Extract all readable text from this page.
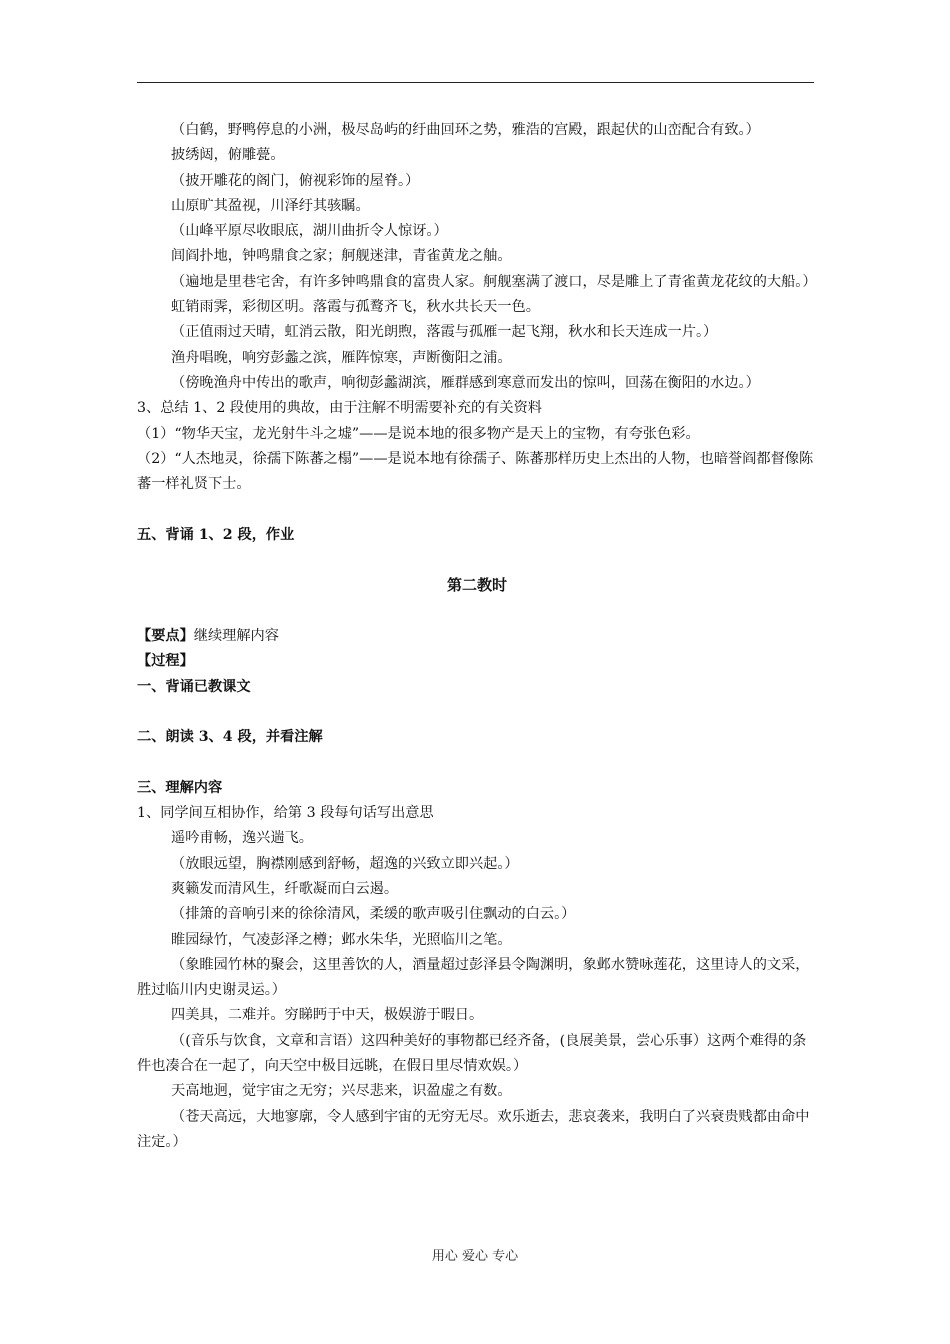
（白鹤，野鸭停息的小洲，极尽岛屿的纡曲回环之势，雅浩的宫殿，跟起伏的山峦配合有致。）

披绣闼，俯雕甍。

（披开雕花的阁门，俯视彩饰的屋脊。）

山原旷其盈视，川泽纡其骇瞩。

（山峰平原尽收眼底，湖川曲折令人惊讶。）

闾阎扑地，钟鸣鼎食之家；舸舰迷津，青雀黄龙之舳。

（遍地是里巷宅舍，有许多钟鸣鼎食的富贵人家。舸舰塞满了渡口，尽是雕上了青雀黄龙花纹的大船。）

虹销雨霁，彩彻区明。落霞与孤鹜齐飞，秋水共长天一色。

（正值雨过天晴，虹消云散，阳光朗煦，落霞与孤雁一起飞翔，秋水和长天连成一片。）

渔舟唱晚，响穷彭蠡之滨，雁阵惊寒，声断衡阳之浦。

（傍晚渔舟中传出的歌声，响彻彭蠡湖滨，雁群感到寒意而发出的惊叫，回荡在衡阳的水边。）

3、总结 1、2 段使用的典故，由于注解不明需要补充的有关资料

（1）“物华天宝，龙光射牛斗之墟”——是说本地的很多物产是天上的宝物，有夸张色彩。

（2）“人杰地灵，徐孺下陈蕃之榻”——是说本地有徐孺子、陈蕃那样历史上杰出的人物，也暗誉阎都督像陈蕃一样礼贤下士。

五、背诵 1、2 段，作业

第二教时

【要点】继续理解内容

【过程】

一、背诵已教课文

二、朗读 3、4 段，并看注解

三、理解内容

1、同学间互相协作，给第 3 段每句话写出意思

遥吟甫畅，逸兴遄飞。

（放眼远望，胸襟刚感到舒畅，超逸的兴致立即兴起。）

爽籁发而清风生，纤歌凝而白云遏。

（排箫的音响引来的徐徐清风，柔缓的歌声吸引住飘动的白云。）

睢园绿竹，气凌彭泽之樽；邺水朱华，光照临川之笔。

（象睢园竹林的聚会，这里善饮的人，酒量超过彭泽县令陶渊明，象邺水赞咏莲花，这里诗人的文采，胜过临川内史谢灵运。）

四美具，二难并。穷睇眄于中天，极娱游于暇日。

（(音乐与饮食，文章和言语）这四种美好的事物都已经齐备，(良展美景，尝心乐事）这两个难得的条件也凑合在一起了，向天空中极目远眺，在假日里尽情欢娱。）

天高地迥，觉宇宙之无穷；兴尽悲来，识盈虚之有数。

（苍天高远，大地寥廓，令人感到宇宙的无穷无尽。欢乐逝去，悲哀袭来，我明白了兴衰贵贱都由命中注定。）

用心 爱心 专心
